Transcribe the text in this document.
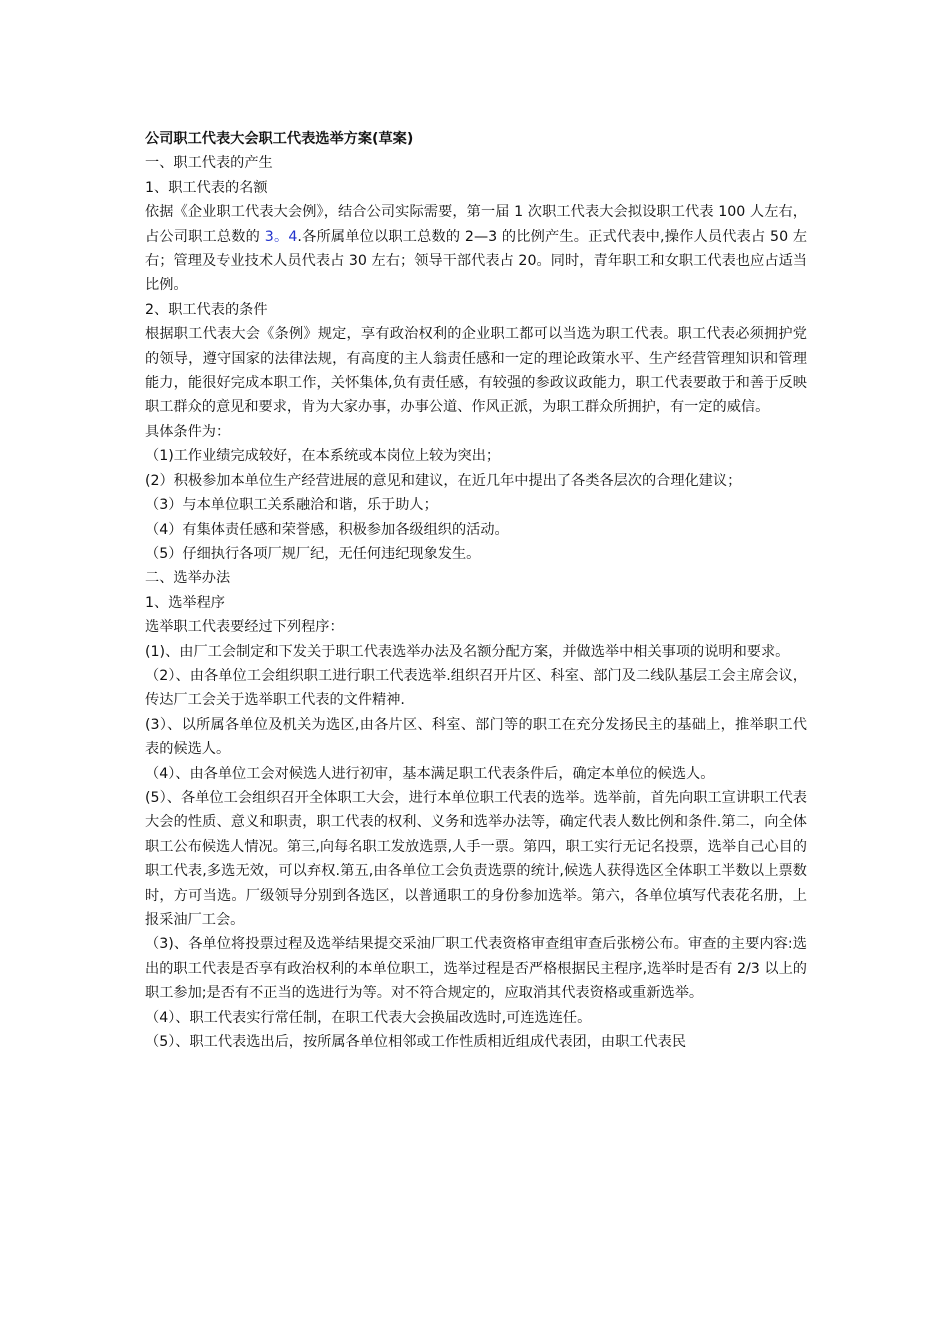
公司职工代表大会职工代表选举方案(草案)

一、职工代表的产生

1、职工代表的名额

依据《企业职工代表大会例》，结合公司实际需要，第一届 1 次职工代表大会拟设职工代表 100 人左右，占公司职工总数的 3。4.各所属单位以职工总数的 2—3 的比例产生。正式代表中,操作人员代表占 50 左右；管理及专业技术人员代表占 30 左右；领导干部代表占 20。同时，青年职工和女职工代表也应占适当比例。

2、职工代表的条件

根据职工代表大会《条例》规定，享有政治权利的企业职工都可以当选为职工代表。职工代表必须拥护党的领导，遵守国家的法律法规，有高度的主人翁责任感和一定的理论政策水平、生产经营管理知识和管理能力，能很好完成本职工作，关怀集体,负有责任感，有较强的参政议政能力，职工代表要敢于和善于反映职工群众的意见和要求，肯为大家办事，办事公道、作风正派，为职工群众所拥护，有一定的威信。

具体条件为：

（1)工作业绩完成较好，在本系统或本岗位上较为突出；

(2）积极参加本单位生产经营进展的意见和建议，在近几年中提出了各类各层次的合理化建议；

（3）与本单位职工关系融洽和谐，乐于助人；

（4）有集体责任感和荣誉感，积极参加各级组织的活动。

（5）仔细执行各项厂规厂纪，无任何违纪现象发生。

二、选举办法

1、选举程序

选举职工代表要经过下列程序：

(1)、由厂工会制定和下发关于职工代表选举办法及名额分配方案，并做选举中相关事项的说明和要求。

（2）、由各单位工会组织职工进行职工代表选举.组织召开片区、科室、部门及二线队基层工会主席会议，传达厂工会关于选举职工代表的文件精神.

(3）、以所属各单位及机关为选区,由各片区、科室、部门等的职工在充分发扬民主的基础上，推举职工代表的候选人。

（4）、由各单位工会对候选人进行初审，基本满足职工代表条件后，确定本单位的候选人。

(5）、各单位工会组织召开全体职工大会，进行本单位职工代表的选举。选举前，首先向职工宣讲职工代表大会的性质、意义和职责，职工代表的权利、义务和选举办法等，确定代表人数比例和条件.第二，向全体职工公布候选人情况。第三,向每名职工发放选票,人手一票。第四，职工实行无记名投票，选举自己心目的职工代表,多选无效，可以弃权.第五,由各单位工会负责选票的统计,候选人获得选区全体职工半数以上票数时，方可当选。厂级领导分别到各选区，以普通职工的身份参加选举。第六，各单位填写代表花名册，上报采油厂工会。

（3)、各单位将投票过程及选举结果提交采油厂职工代表资格审查组审查后张榜公布。审查的主要内容:选出的职工代表是否享有政治权利的本单位职工，选举过程是否严格根据民主程序,选举时是否有 2/3 以上的职工参加;是否有不正当的选进行为等。对不符合规定的，应取消其代表资格或重新选举。

（4）、职工代表实行常任制，在职工代表大会换届改选时,可连选连任。

（5）、职工代表选出后，按所属各单位相邻或工作性质相近组成代表团，由职工代表民
